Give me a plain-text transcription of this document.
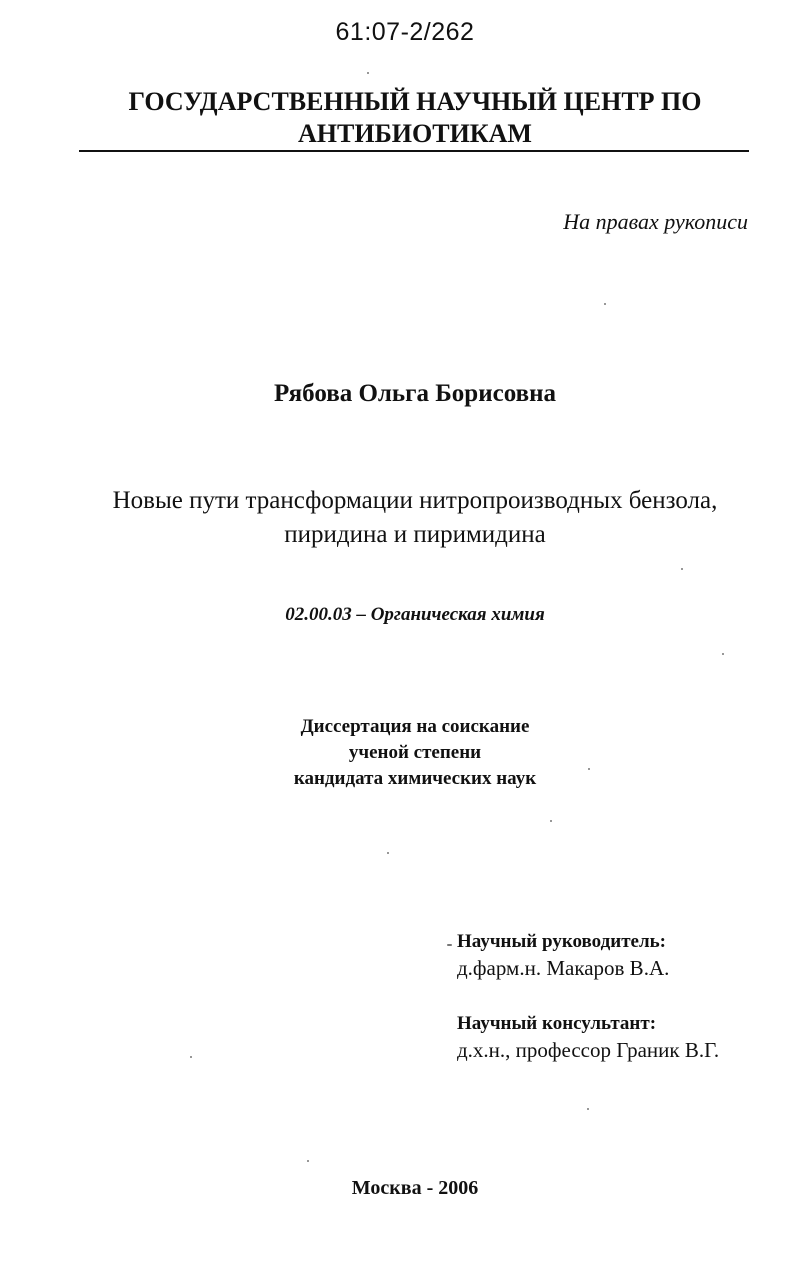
61:07-2/262
ГОСУДАРСТВЕННЫЙ НАУЧНЫЙ ЦЕНТР ПО
АНТИБИОТИКАМ
На правах рукописи
Рябова Ольга Борисовна
Новые пути трансформации нитропроизводных бензола,
пиридина и пиримидина
02.00.03 – Органическая химия
Диссертация на соискание
ученой степени
кандидата химических наук
Научный руководитель:
д.фарм.н. Макаров В.А.
Научный консультант:
д.х.н., профессор Граник В.Г.
Москва - 2006
